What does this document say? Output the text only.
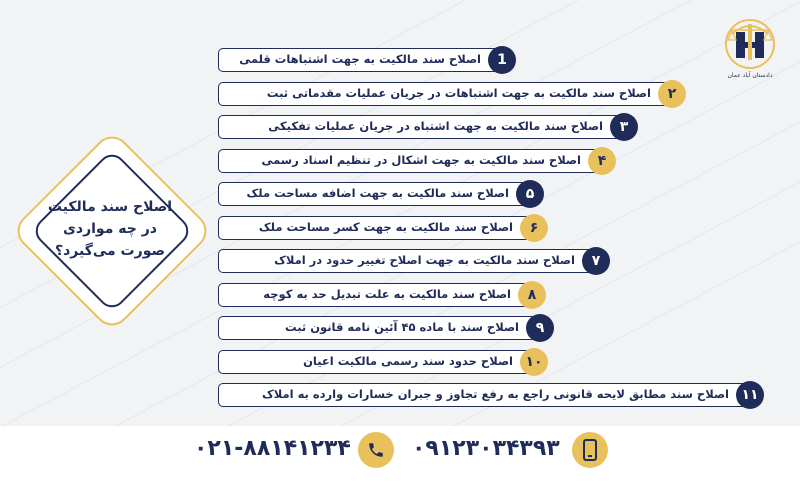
دادستان آباد عمان
اصلاح سند مالکیت در چه مواردی صورت می‌گیرد؟
اصلاح سند مالکیت به جهت اشتباهات قلمی	1
اصلاح سند مالکیت به جهت اشتباهات در جریان عملیات مقدماتی ثبت	۲
اصلاح سند مالکیت به جهت اشتباه در جریان عملیات تفکیکی	۳
اصلاح سند مالکیت به جهت اشکال در تنظیم اسناد رسمی	۴
اصلاح سند مالکیت به جهت اضافه مساحت ملک	۵
اصلاح سند مالکیت به جهت کسر مساحت ملک	۶
اصلاح سند مالکیت به جهت اصلاح تغییر حدود در املاک	۷
اصلاح سند مالکیت به علت تبدیل حد به کوچه	۸
اصلاح سند با ماده ۴۵ آئین نامه قانون ثبت	۹
اصلاح حدود سند رسمی مالکیت اعیان ۱۰
اصلاح سند مطابق لایحه قانونی راجع به رفع تجاوز و جبران خسارات وارده به املاک ۱۱
۰۹۱۲۳۰۳۴۳۹۳
۰۲۱-۸۸۱۴۱۲۳۴
